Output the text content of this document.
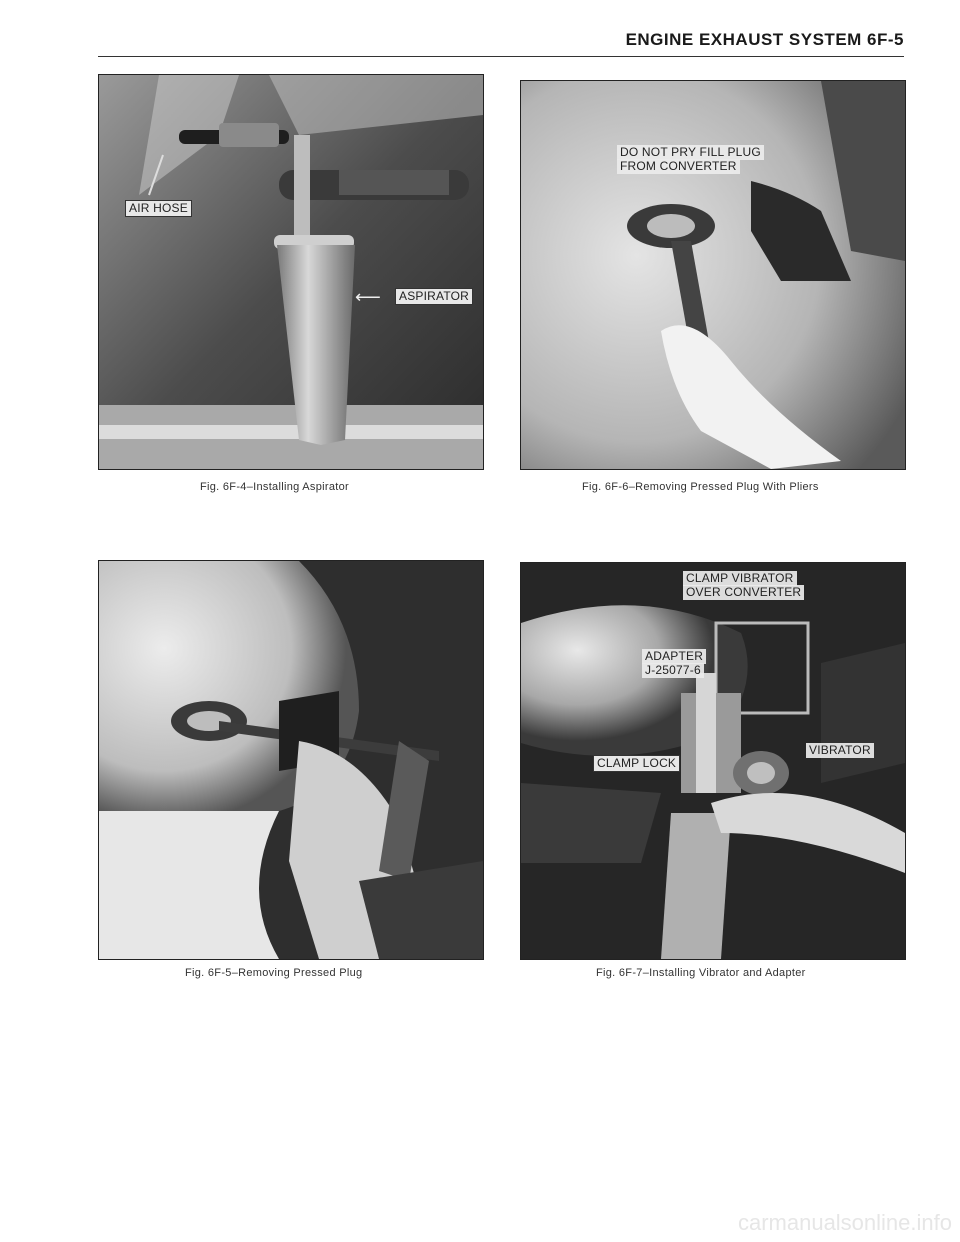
ENGINE EXHAUST SYSTEM 6F-5
AIR HOSE
ASPIRATOR
⟵
Fig. 6F-4–Installing Aspirator
DO NOT PRY FILL PLUG
FROM CONVERTER
Fig. 6F-6–Removing Pressed Plug With Pliers
Fig. 6F-5–Removing Pressed Plug
CLAMP VIBRATOR
OVER CONVERTER
ADAPTER
J-25077-6
CLAMP LOCK
VIBRATOR
Fig. 6F-7–Installing Vibrator and Adapter
carmanualsonline.info
